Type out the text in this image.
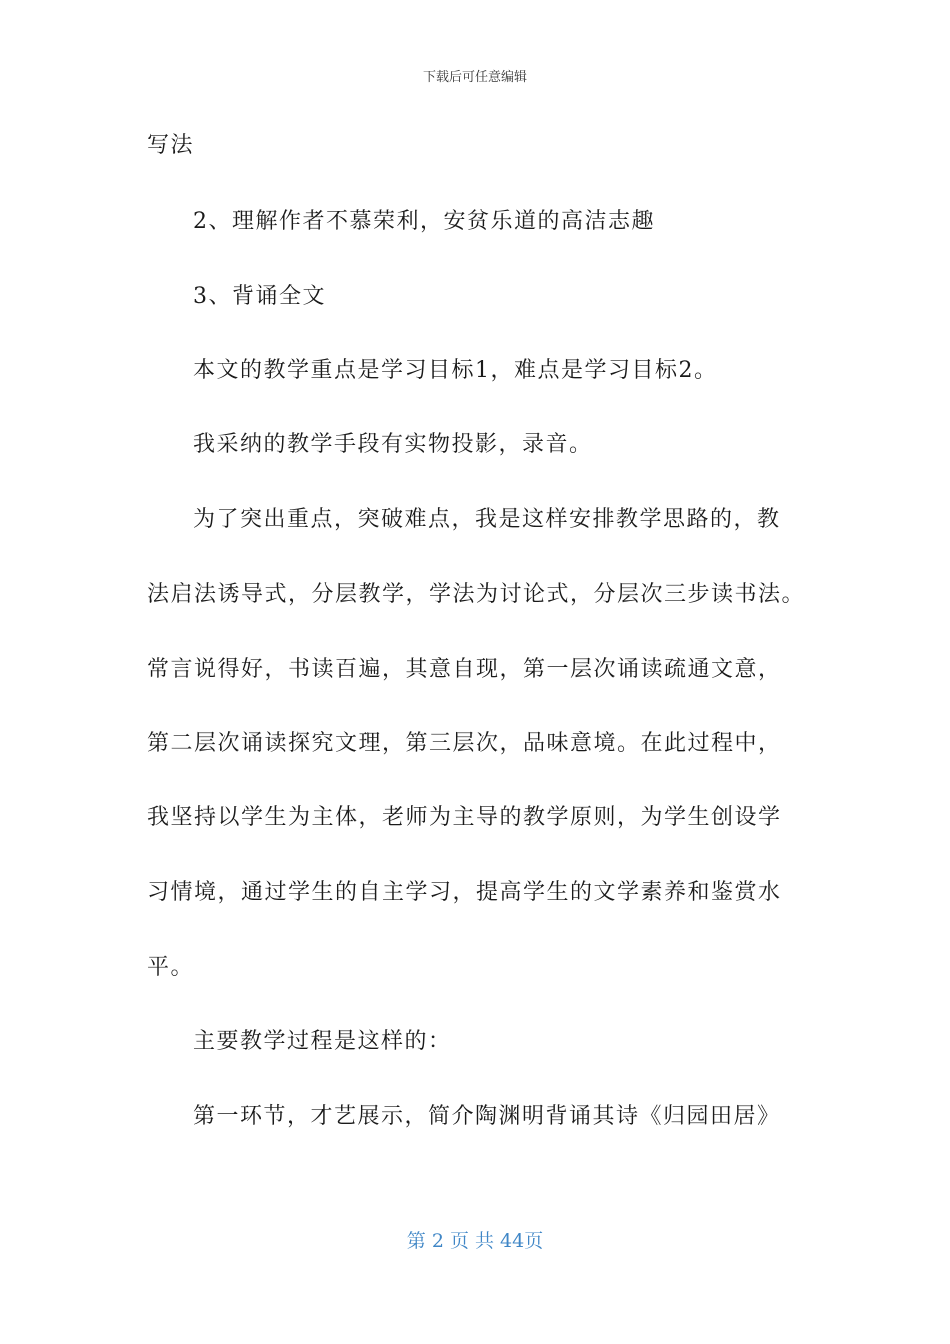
下载后可任意编辑
写法
2、理解作者不慕荣利，安贫乐道的高洁志趣
3、背诵全文
本文的教学重点是学习目标1，难点是学习目标2。
我采纳的教学手段有实物投影，录音。
为了突出重点，突破难点，我是这样安排教学思路的，教
法启法诱导式，分层教学，学法为讨论式，分层次三步读书法。
常言说得好，书读百遍，其意自现，第一层次诵读疏通文意，
第二层次诵读探究文理，第三层次，品味意境。在此过程中，
我坚持以学生为主体，老师为主导的教学原则，为学生创设学
习情境，通过学生的自主学习，提高学生的文学素养和鉴赏水
平。
主要教学过程是这样的：
第一环节，才艺展示，简介陶渊明背诵其诗《归园田居》
第 2 页 共 44页
